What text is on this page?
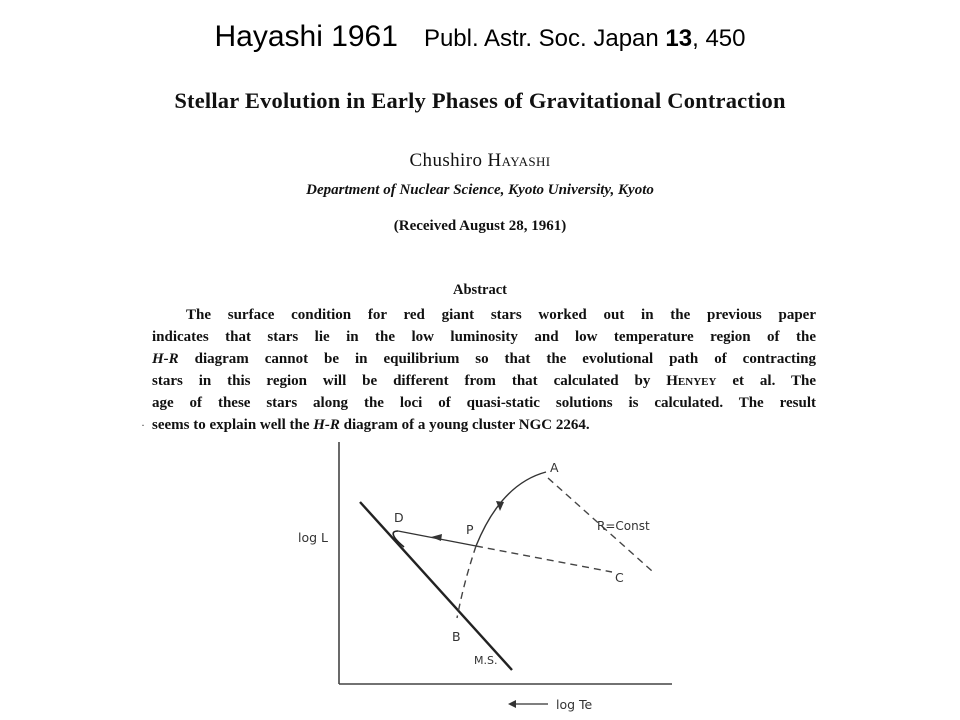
Hayashi 1961 Publ. Astr. Soc. Japan 13, 450
Stellar Evolution in Early Phases of Gravitational Contraction
Chushiro Hayashi
Department of Nuclear Science, Kyoto University, Kyoto
(Received August 28, 1961)
Abstract
The surface condition for red giant stars worked out in the previous paper
indicates that stars lie in the low luminosity and low temperature region of the
H-R diagram cannot be in equilibrium so that the evolutional path of contracting
stars in this region will be different from that calculated by Henyey et al. The
age of these stars along the loci of quasi-static solutions is calculated. The result
seems to explain well the H-R diagram of a young cluster NGC 2264.
·
log L
A
D
P	R=Const
C
B
M.S.
log Te
